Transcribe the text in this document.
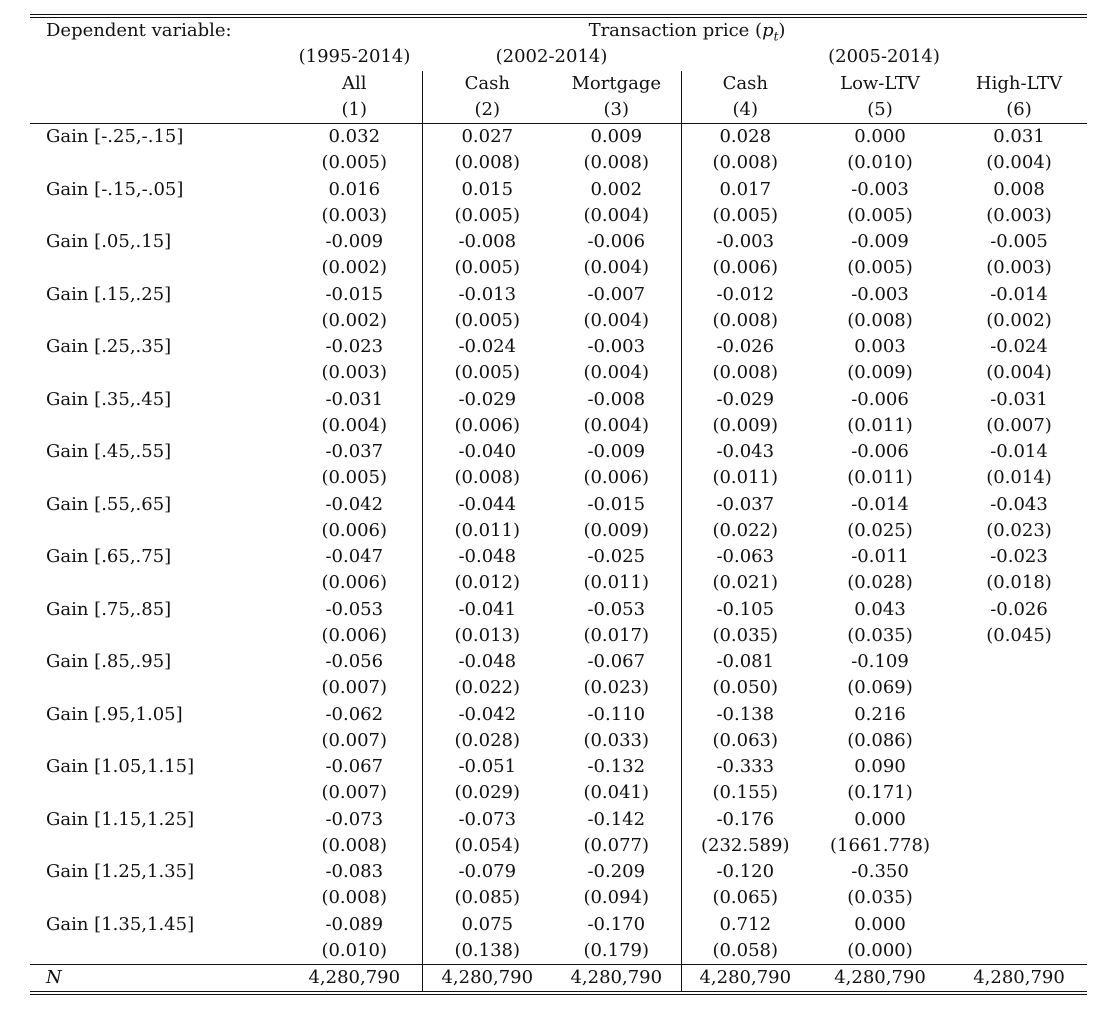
Dependent variable:	Transaction price $(p_t)$					
	(1995-2014)	(2002-2014)		(2005-2014)		
	All	Cash	Mortgage	Cash	Low-LTV	High-LTV
	(1)	(2)	(3)	(4)	(5)	(6)
Gain [-.25,-.15]	0.032	0.027	0.009	0.028	0.000	0.031
	(0.005)	(0.008)	(0.008)	(0.008)	(0.010)	(0.004)
Gain [-.15,-.05]	0.016	0.015	0.002	0.017	-0.003	0.008
	(0.003)	(0.005)	(0.004)	(0.005)	(0.005)	(0.003)
Gain [.05,.15]	-0.009	-0.008	-0.006	-0.003	-0.009	-0.005
	(0.002)	(0.005)	(0.004)	(0.006)	(0.005)	(0.003)
Gain [.15,.25]	-0.015	-0.013	-0.007	-0.012	-0.003	-0.014
	(0.002)	(0.005)	(0.004)	(0.008)	(0.008)	(0.002)
Gain [.25,.35]	-0.023	-0.024	-0.003	-0.026	0.003	-0.024
	(0.003)	(0.005)	(0.004)	(0.008)	(0.009)	(0.004)
Gain [.35,.45]	-0.031	-0.029	-0.008	-0.029	-0.006	-0.031
	(0.004)	(0.006)	(0.004)	(0.009)	(0.011)	(0.007)
Gain [.45,.55]	-0.037	-0.040	-0.009	-0.043	-0.006	-0.014
	(0.005)	(0.008)	(0.006)	(0.011)	(0.011)	(0.014)
Gain [.55,.65]	-0.042	-0.044	-0.015	-0.037	-0.014	-0.043
	(0.006)	(0.011)	(0.009)	(0.022)	(0.025)	(0.023)
Gain [.65,.75]	-0.047	-0.048	-0.025	-0.063	-0.011	-0.023
	(0.006)	(0.012)	(0.011)	(0.021)	(0.028)	(0.018)
Gain [.75,.85]	-0.053	-0.041	-0.053	-0.105	0.043	-0.026
	(0.006)	(0.013)	(0.017)	(0.035)	(0.035)	(0.045)
Gain [.85,.95]	-0.056	-0.048	-0.067	-0.081	-0.109	
	(0.007)	(0.022)	(0.023)	(0.050)	(0.069)	
Gain [.95,1.05]	-0.062	-0.042	-0.110	-0.138	0.216	
	(0.007)	(0.028)	(0.033)	(0.063)	(0.086)	
Gain [1.05,1.15]	-0.067	-0.051	-0.132	-0.333	0.090	
	(0.007)	(0.029)	(0.041)	(0.155)	(0.171)	
Gain [1.15,1.25]	-0.073	-0.073	-0.142	-0.176	0.000	
	(0.008)	(0.054)	(0.077)	(232.589)	(1661.778)	
Gain [1.25,1.35]	-0.083	-0.079	-0.209	-0.120	-0.350	
	(0.008)	(0.085)	(0.094)	(0.065)	(0.035)	
Gain [1.35,1.45]	-0.089	0.075	-0.170	0.712	0.000	
	(0.010)	(0.138)	(0.179)	(0.058)	(0.000)	
N	4,280,790	4,280,790	4,280,790	4,280,790	4,280,790	4,280,790
